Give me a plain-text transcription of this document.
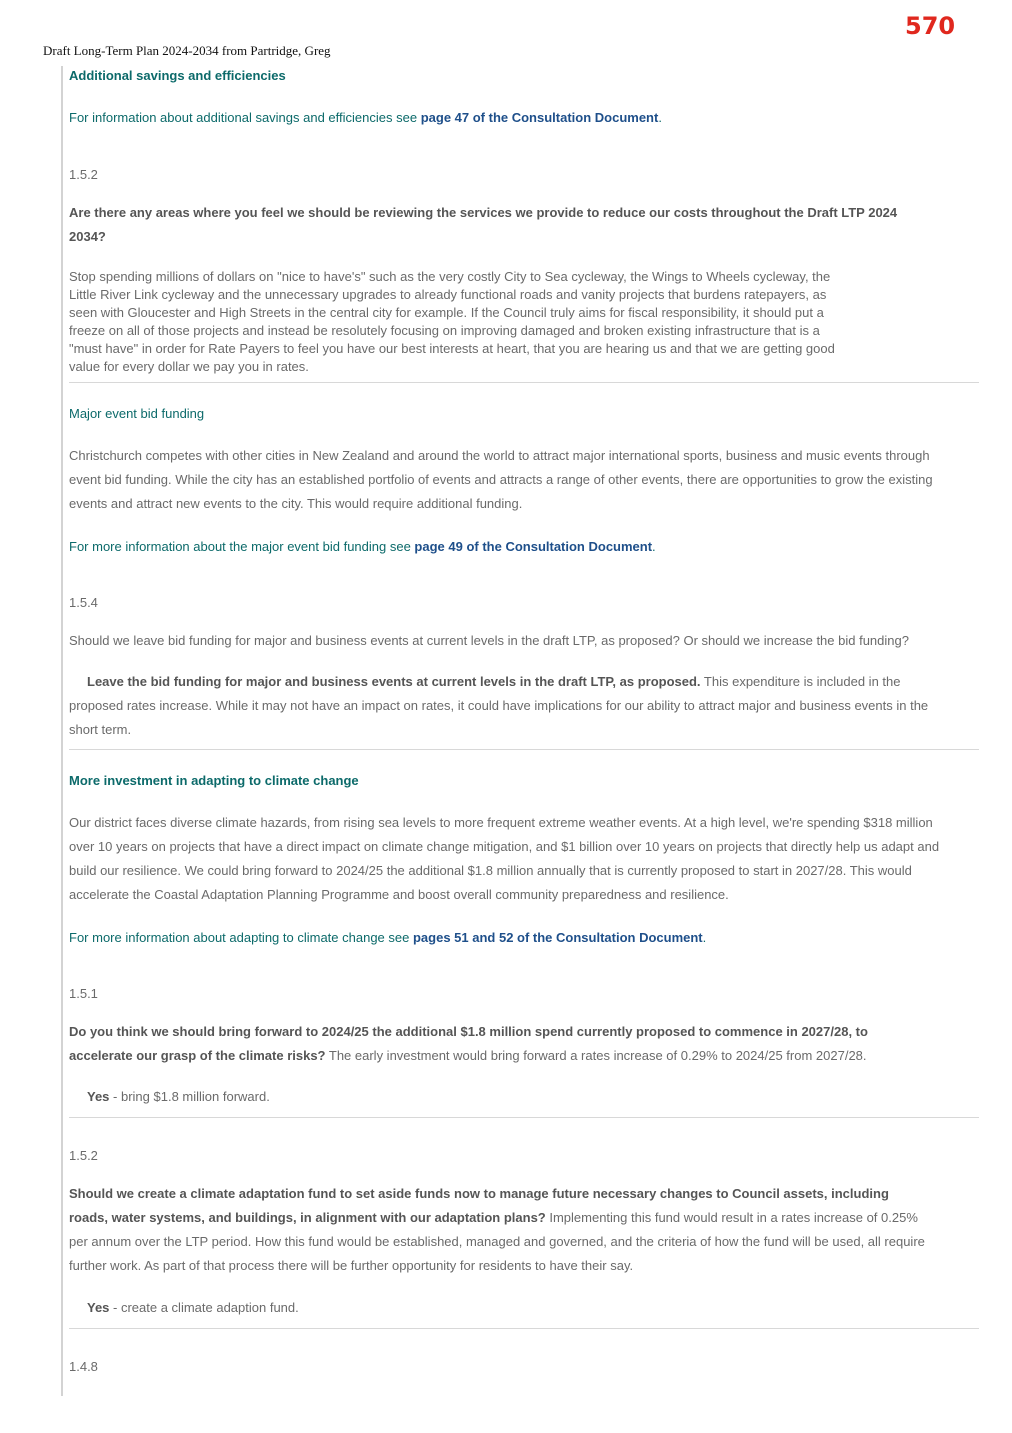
570
Draft Long-Term Plan 2024-2034 from Partridge, Greg
Additional savings and efficiencies
For information about additional savings and efficiencies see page 47 of the Consultation Document.
1.5.2
Are there any areas where you feel we should be reviewing the services we provide to reduce our costs throughout the Draft LTP 2024
2034?
Stop spending millions of dollars on "nice to have's" such as the very costly City to Sea cycleway, the Wings to Wheels cycleway, the
Little River Link cycleway and the unnecessary upgrades to already functional roads and vanity projects that burdens ratepayers, as
seen with Gloucester and High Streets in the central city for example. If the Council truly aims for fiscal responsibility, it should put a
freeze on all of those projects and instead be resolutely focusing on improving damaged and broken existing infrastructure that is a
"must have" in order for Rate Payers to feel you have our best interests at heart, that you are hearing us and that we are getting good
value for every dollar we pay you in rates.
Major event bid funding
Christchurch competes with other cities in New Zealand and around the world to attract major international sports, business and music events through
event bid funding. While the city has an established portfolio of events and attracts a range of other events, there are opportunities to grow the existing
events and attract new events to the city. This would require additional funding.
For more information about the major event bid funding see page 49 of the Consultation Document.
1.5.4
Should we leave bid funding for major and business events at current levels in the draft LTP, as proposed? Or should we increase the bid funding?
Leave the bid funding for major and business events at current levels in the draft LTP, as proposed. This expenditure is included in the
proposed rates increase. While it may not have an impact on rates, it could have implications for our ability to attract major and business events in the
short term.
More investment in adapting to climate change
Our district faces diverse climate hazards, from rising sea levels to more frequent extreme weather events. At a high level, we're spending $318 million
over 10 years on projects that have a direct impact on climate change mitigation, and $1 billion over 10 years on projects that directly help us adapt and
build our resilience. We could bring forward to 2024/25 the additional $1.8 million annually that is currently proposed to start in 2027/28. This would
accelerate the Coastal Adaptation Planning Programme and boost overall community preparedness and resilience.
For more information about adapting to climate change see pages 51 and 52 of the Consultation Document.
1.5.1
Do you think we should bring forward to 2024/25 the additional $1.8 million spend currently proposed to commence in 2027/28, to
accelerate our grasp of the climate risks? The early investment would bring forward a rates increase of 0.29% to 2024/25 from 2027/28.
Yes - bring $1.8 million forward.
1.5.2
Should we create a climate adaptation fund to set aside funds now to manage future necessary changes to Council assets, including
roads, water systems, and buildings, in alignment with our adaptation plans? Implementing this fund would result in a rates increase of 0.25%
per annum over the LTP period. How this fund would be established, managed and governed, and the criteria of how the fund will be used, all require
further work. As part of that process there will be further opportunity for residents to have their say.
Yes - create a climate adaption fund.
1.4.8
